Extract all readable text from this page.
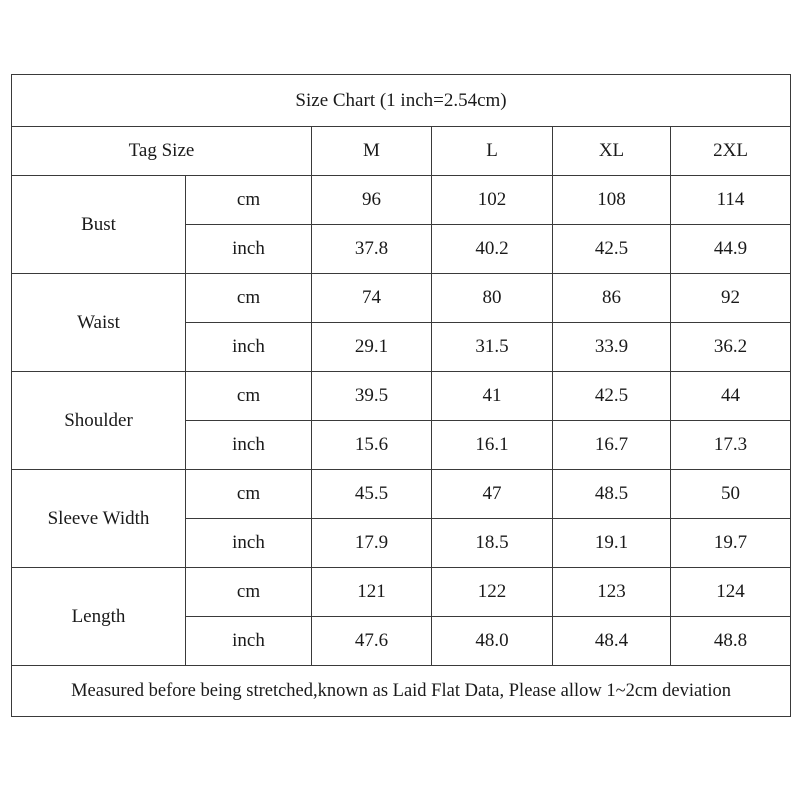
Size Chart (1 inch=2.54cm)					
Tag Size		M	L	XL	2XL
Bust	cm	96	102	108	114
	inch	37.8	40.2	42.5	44.9
Waist	cm	74	80	86	92
	inch	29.1	31.5	33.9	36.2
Shoulder	cm	39.5	41	42.5	44
	inch	15.6	16.1	16.7	17.3
Sleeve Width	cm	45.5	47	48.5	50
	inch	17.9	18.5	19.1	19.7
Length	cm	121	122	123	124
	inch	47.6	48.0	48.4	48.8
Measured before being stretched,known as Laid Flat Data, Please allow 1~2cm deviation					
